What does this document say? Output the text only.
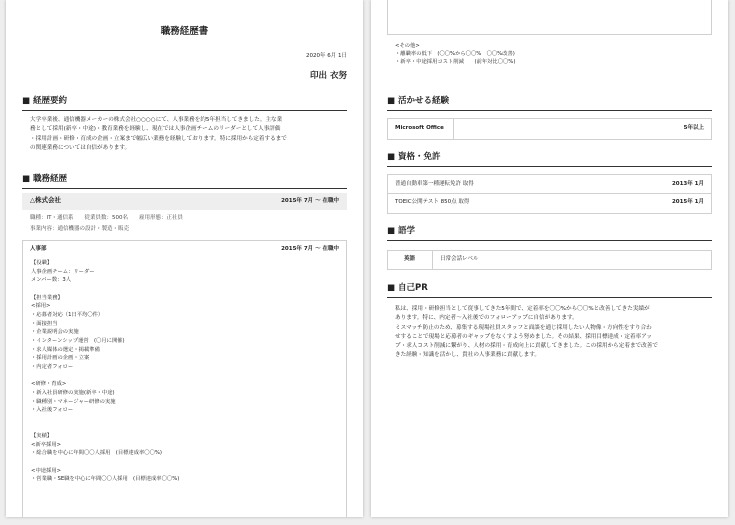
職務経歴書
2020年 6月 1日
印出 衣努
■ 経歴要約
大学卒業後、通信機器メーカーの株式会社○○○○にて、人事業務を約5年担当してきました。主な業
務として採用(新卒・中途)・教育業務を経験し、現在では人事企画チームのリーダーとして人事評価
・採用計画・研修・育成の企画・立案まで幅広い業務を経験しております。特に採用から定着するまで
の関連業務については自信があります。
■ 職務経歴
△株式会社	2015年 7月 ～ 在職中
職種：IT・通信系　　従業員数：500名　　雇用形態：正社員
事業内容：通信機器の設計・製造・販売
人事部	2015年 7月 ～ 在職中
【役職】
人事企画チーム：リーダー
メンバー数：3人

【担当業務】
<採用>
・応募者対応（1日平均〇件）
・面接担当
・企業説明会の実施
・インターンシップ運営　(〇月に開催)
・求人媒体の選定・掲載準備
・採用計画の企画・立案
・内定者フォロー

<研修・育成>
・新入社員研修の実施(新卒・中途)
・職種別・マネージャー研修の実施
・入社後フォロー

【実績】
<新卒採用>
・総合職を中心に年間〇〇人採用　(目標達成率〇〇%)

<中途採用>
・営業職・SE職を中心に年間〇〇人採用　(目標達成率〇〇%)
<その他>
・離職率の低下　(〇〇%から〇〇%　〇〇%改善)
・新卒・中途採用コスト削減　　(前年対比〇〇%)
■ 活かせる経験
Microsoft Office	5年以上
■ 資格・免許
普通自動車第一種運転免許 取得	2013年 1月
TOEIC公開テスト 850点 取得	2015年 1月
■ 語学
英語	日常会話レベル
■ 自己PR
私は、採用・研修担当として従事してきた5年間で、定着率を〇〇%から〇〇%と改善してきた実績が
あります。特に、内定者～入社後でのフォローアップに自信があります。
ミスマッチ防止のため、募集する現場社員スタッフと面談を通じ採用したい人物像・方向性をすり合わ
せすることで現場と応募者のギャップをなくすよう努めました。その結果、採用目標達成・定着率アッ
プ・求人コスト削減に繋がり、人材の採用・育成向上に貢献してきました。この採用から定着まで改善で
きた経験・知識を活かし、貴社の人事業務に貢献します。
